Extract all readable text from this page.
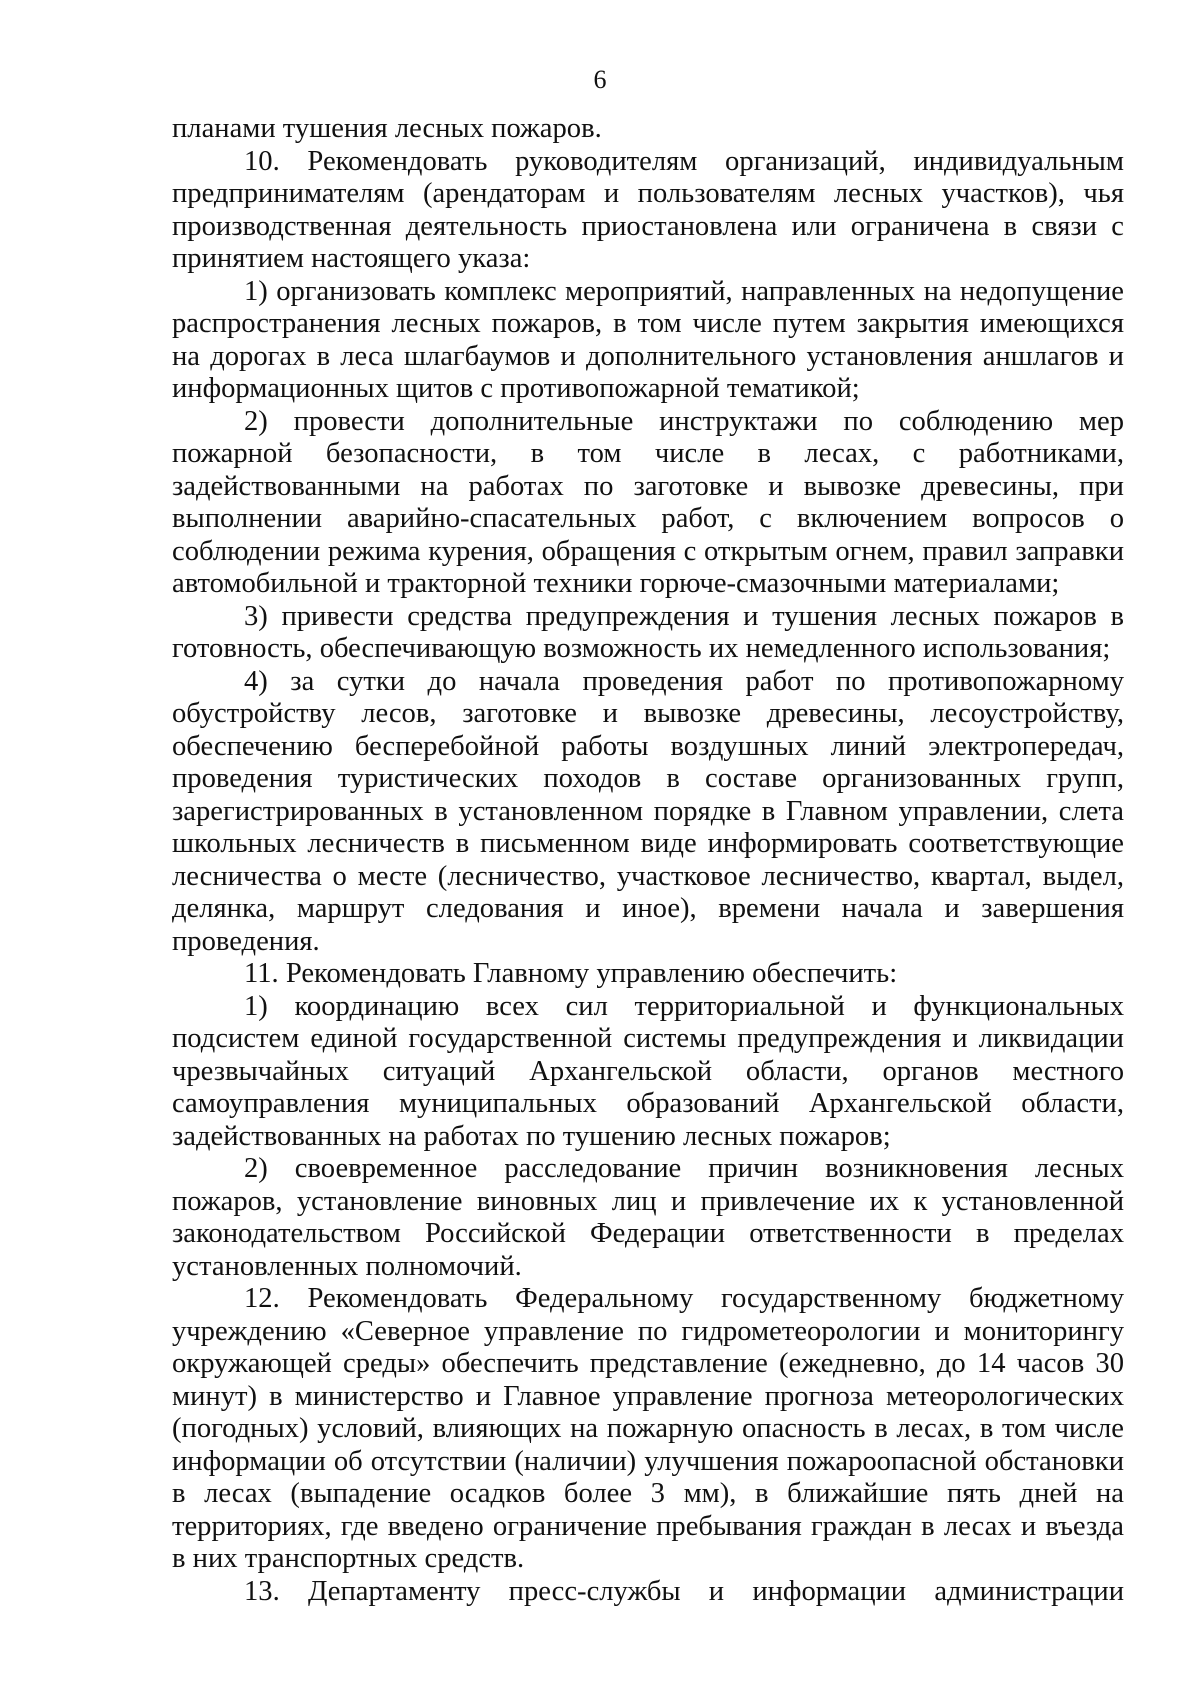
6

планами тушения лесных пожаров.

10. Рекомендовать руководителям организаций, индивидуальным предпринимателям (арендаторам и пользователям лесных участков), чья производственная деятельность приостановлена или ограничена в связи с принятием настоящего указа:

1) организовать комплекс мероприятий, направленных на недопущение распространения лесных пожаров, в том числе путем закрытия имеющихся на дорогах в леса шлагбаумов и дополнительного установления аншлагов и информационных щитов с противопожарной тематикой;

2) провести дополнительные инструктажи по соблюдению мер пожарной безопасности, в том числе в лесах, с работниками, задействованными на работах по заготовке и вывозке древесины, при выполнении аварийно-спасательных работ, с включением вопросов о соблюдении режима курения, обращения с открытым огнем, правил заправки автомобильной и тракторной техники горюче-смазочными материалами;

3) привести средства предупреждения и тушения лесных пожаров в готовность, обеспечивающую возможность их немедленного использования;

4) за сутки до начала проведения работ по противопожарному обустройству лесов, заготовке и вывозке древесины, лесоустройству, обеспечению бесперебойной работы воздушных линий электропередач, проведения туристических походов в составе организованных групп, зарегистрированных в установленном порядке в Главном управлении, слета школьных лесничеств в письменном виде информировать соответствующие лесничества о месте (лесничество, участковое лесничество, квартал, выдел, делянка, маршрут следования и иное), времени начала и завершения проведения.

11. Рекомендовать Главному управлению обеспечить:

1) координацию всех сил территориальной и функциональных подсистем единой государственной системы предупреждения и ликвидации чрезвычайных ситуаций Архангельской области, органов местного самоуправления муниципальных образований Архангельской области, задействованных на работах по тушению лесных пожаров;

2) своевременное расследование причин возникновения лесных пожаров, установление виновных лиц и привлечение их к установленной законодательством Российской Федерации ответственности в пределах установленных полномочий.

12. Рекомендовать Федеральному государственному бюджетному учреждению «Северное управление по гидрометеорологии и мониторингу окружающей среды» обеспечить представление (ежедневно, до 14 часов 30 минут) в министерство и Главное управление прогноза метеорологических (погодных) условий, влияющих на пожарную опасность в лесах, в том числе информации об отсутствии (наличии) улучшения пожароопасной обстановки в лесах (выпадение осадков более 3 мм), в ближайшие пять дней на территориях, где введено ограничение пребывания граждан в лесах и въезда в них транспортных средств.

13. Департаменту пресс-службы и информации администрации
